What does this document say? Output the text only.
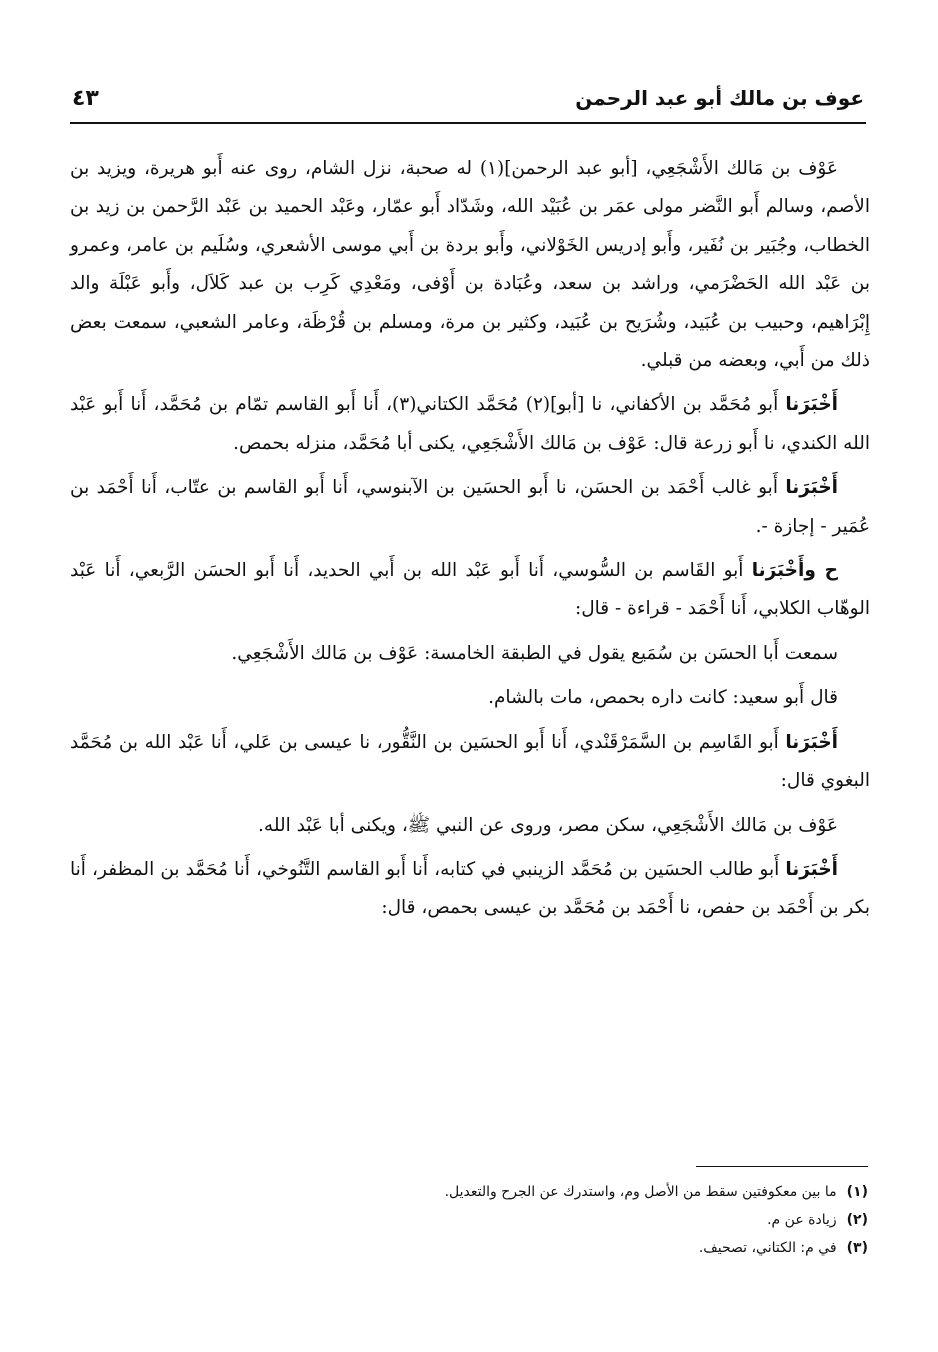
عوف بن مالك أبو عبد الرحمن
٤٣

عَوْف بن مَالك الأَشْجَعِي، [أبو عبد الرحمن](١) له صحبة، نزل الشام، روى عنه أَبو هريرة، ويزيد بن الأصم، وسالم أَبو النَّضر مولى عمَر بن عُبَيْد الله، وشَدّاد أَبو عمّار، وعَبْد الحميد بن عَبْد الرَّحمن بن زيد بن الخطاب، وجُبَير بن نُفَير، وأَبو إدريس الخَوْلاني، وأَبو بردة بن أَبي موسى الأشعري، وسُلَيم بن عامر، وعمرو بن عَبْد الله الحَضْرَمي، وراشد بن سعد، وعُبَادة بن أَوْفى، ومَعْدِي كَرِب بن عبد كَلاَل، وأَبو عَبْلَة والد إِبْرَاهيم، وحبيب بن عُبَيد، وشُرَيح بن عُبَيد، وكثير بن مرة، ومسلم بن قُرْظَة، وعامر الشعبي، سمعت بعض ذلك من أَبي، وبعضه من قبلي.

أَخْبَرَنا أَبو مُحَمَّد بن الأكفاني، نا [أبو](٢) مُحَمَّد الكتاني(٣)، أَنا أَبو القاسم تمّام بن مُحَمَّد، أَنا أَبو عَبْد الله الكندي، نا أَبو زرعة قال: عَوْف بن مَالك الأَشْجَعِي، يكنى أبا مُحَمَّد، منزله بحمص.

أَخْبَرَنا أَبو غالب أَحْمَد بن الحسَن، نا أَبو الحسَين بن الآبنوسي، أَنا أَبو القاسم بن عتّاب، أَنا أَحْمَد بن عُمَير - إجازة -.

ح وأَخْبَرَنا أَبو القَاسم بن السُّوسي، أَنا أَبو عَبْد الله بن أَبي الحديد، أَنا أَبو الحسَن الرَّبعي، أَنا عَبْد الوهّاب الكلابي، أَنا أَحْمَد - قراءة - قال:

سمعت أَبا الحسَن بن سُمَيع يقول في الطبقة الخامسة: عَوْف بن مَالك الأَشْجَعِي.

قال أَبو سعيد: كانت داره بحمص، مات بالشام.

أَخْبَرَنا أَبو القَاسِم بن السَّمَرْقَنْدي، أَنا أَبو الحسَين بن النَّقُّور، نا عيسى بن عَلي، أَنا عَبْد الله بن مُحَمَّد البغوي قال:

عَوْف بن مَالك الأَشْجَعِي، سكن مصر، وروى عن النبي ﷺ، ويكنى أبا عَبْد الله.

أَخْبَرَنا أَبو طالب الحسَين بن مُحَمَّد الزينبي في كتابه، أَنا أَبو القاسم التَّنُوخي، أَنا مُحَمَّد بن المظفر، أَنا بكر بن أَحْمَد بن حفص، نا أَحْمَد بن مُحَمَّد بن عيسى بحمص، قال:

(١)
ما بين معكوفتين سقط من الأصل وم، واستدرك عن الجرح والتعديل.
(٢)
زيادة عن م.
(٣)
في م: الكتاني، تصحيف.
